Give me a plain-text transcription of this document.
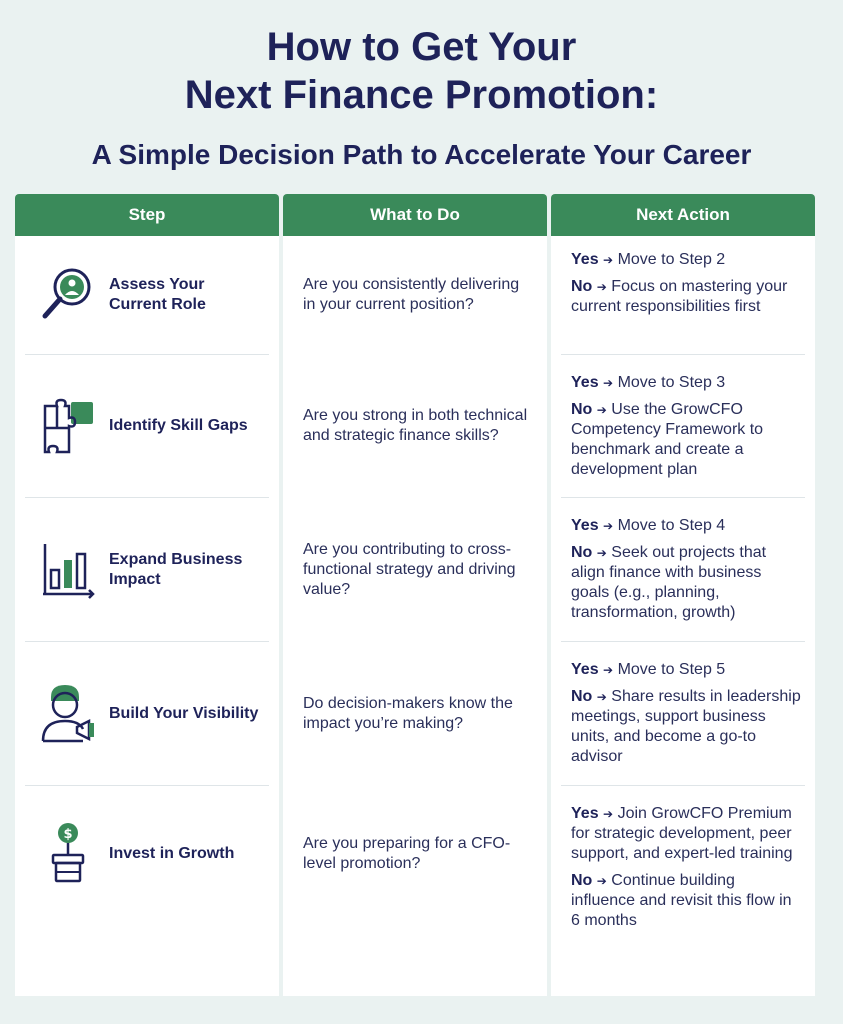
How to Get Your
Next Finance Promotion:
A Simple Decision Path to Accelerate Your Career
Step	What to Do	Next Action
Assess Your Current Role
Are you consistently delivering in your current position?
Yes ➔ Move to Step 2
No ➔ Focus on mastering your current responsibilities first
Identify Skill Gaps
Are you strong in both technical and strategic finance skills?
Yes ➔ Move to Step 3
No ➔ Use the GrowCFO Competency Framework to benchmark and create a development plan
Expand Business Impact
Are you contributing to cross-functional strategy and driving value?
Yes ➔ Move to Step 4
No ➔ Seek out projects that align finance with business goals (e.g., planning, transformation, growth)
Build Your Visibility
Do decision-makers know the impact you’re making?
Yes ➔ Move to Step 5
No ➔ Share results in leadership meetings, support business units, and become a go-to advisor
$
Invest in Growth
Are you preparing for a CFO-level promotion?
Yes ➔ Join GrowCFO Premium for strategic development, peer support, and expert-led training
No ➔ Continue building influence and revisit this flow in 6 months
